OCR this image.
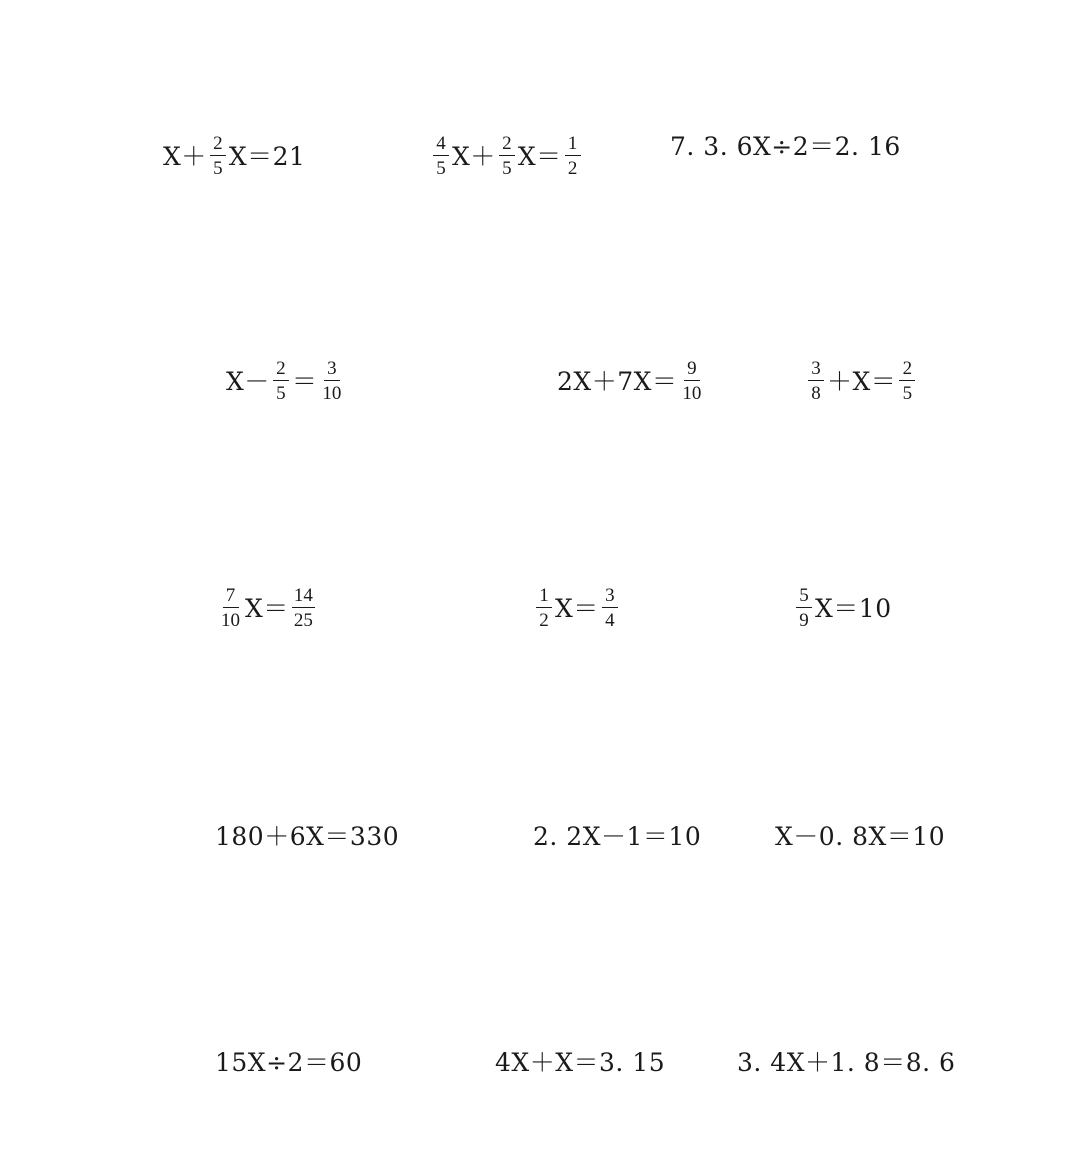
$X+ \frac{2}{5} X=21$	$\frac{4}{5} X+ \frac{2}{5} X= \frac{1}{2}$	7. 3. 6X÷2＝2. 16
$X- \frac{2}{5} = \frac{3}{10}$	$2X+7X= \frac{9}{10}$	$\frac{3}{8} +X= \frac{2}{5}$
$\frac{7}{10} X= \frac{14}{25}$	$\frac{1}{2} X= \frac{3}{4}$	$\frac{5}{9} X=10$
180＋6X＝330	2. 2X－1＝10	X－0. 8X＝10
15X÷2＝60	4X＋X＝3. 15	3. 4X＋1. 8＝8. 6
